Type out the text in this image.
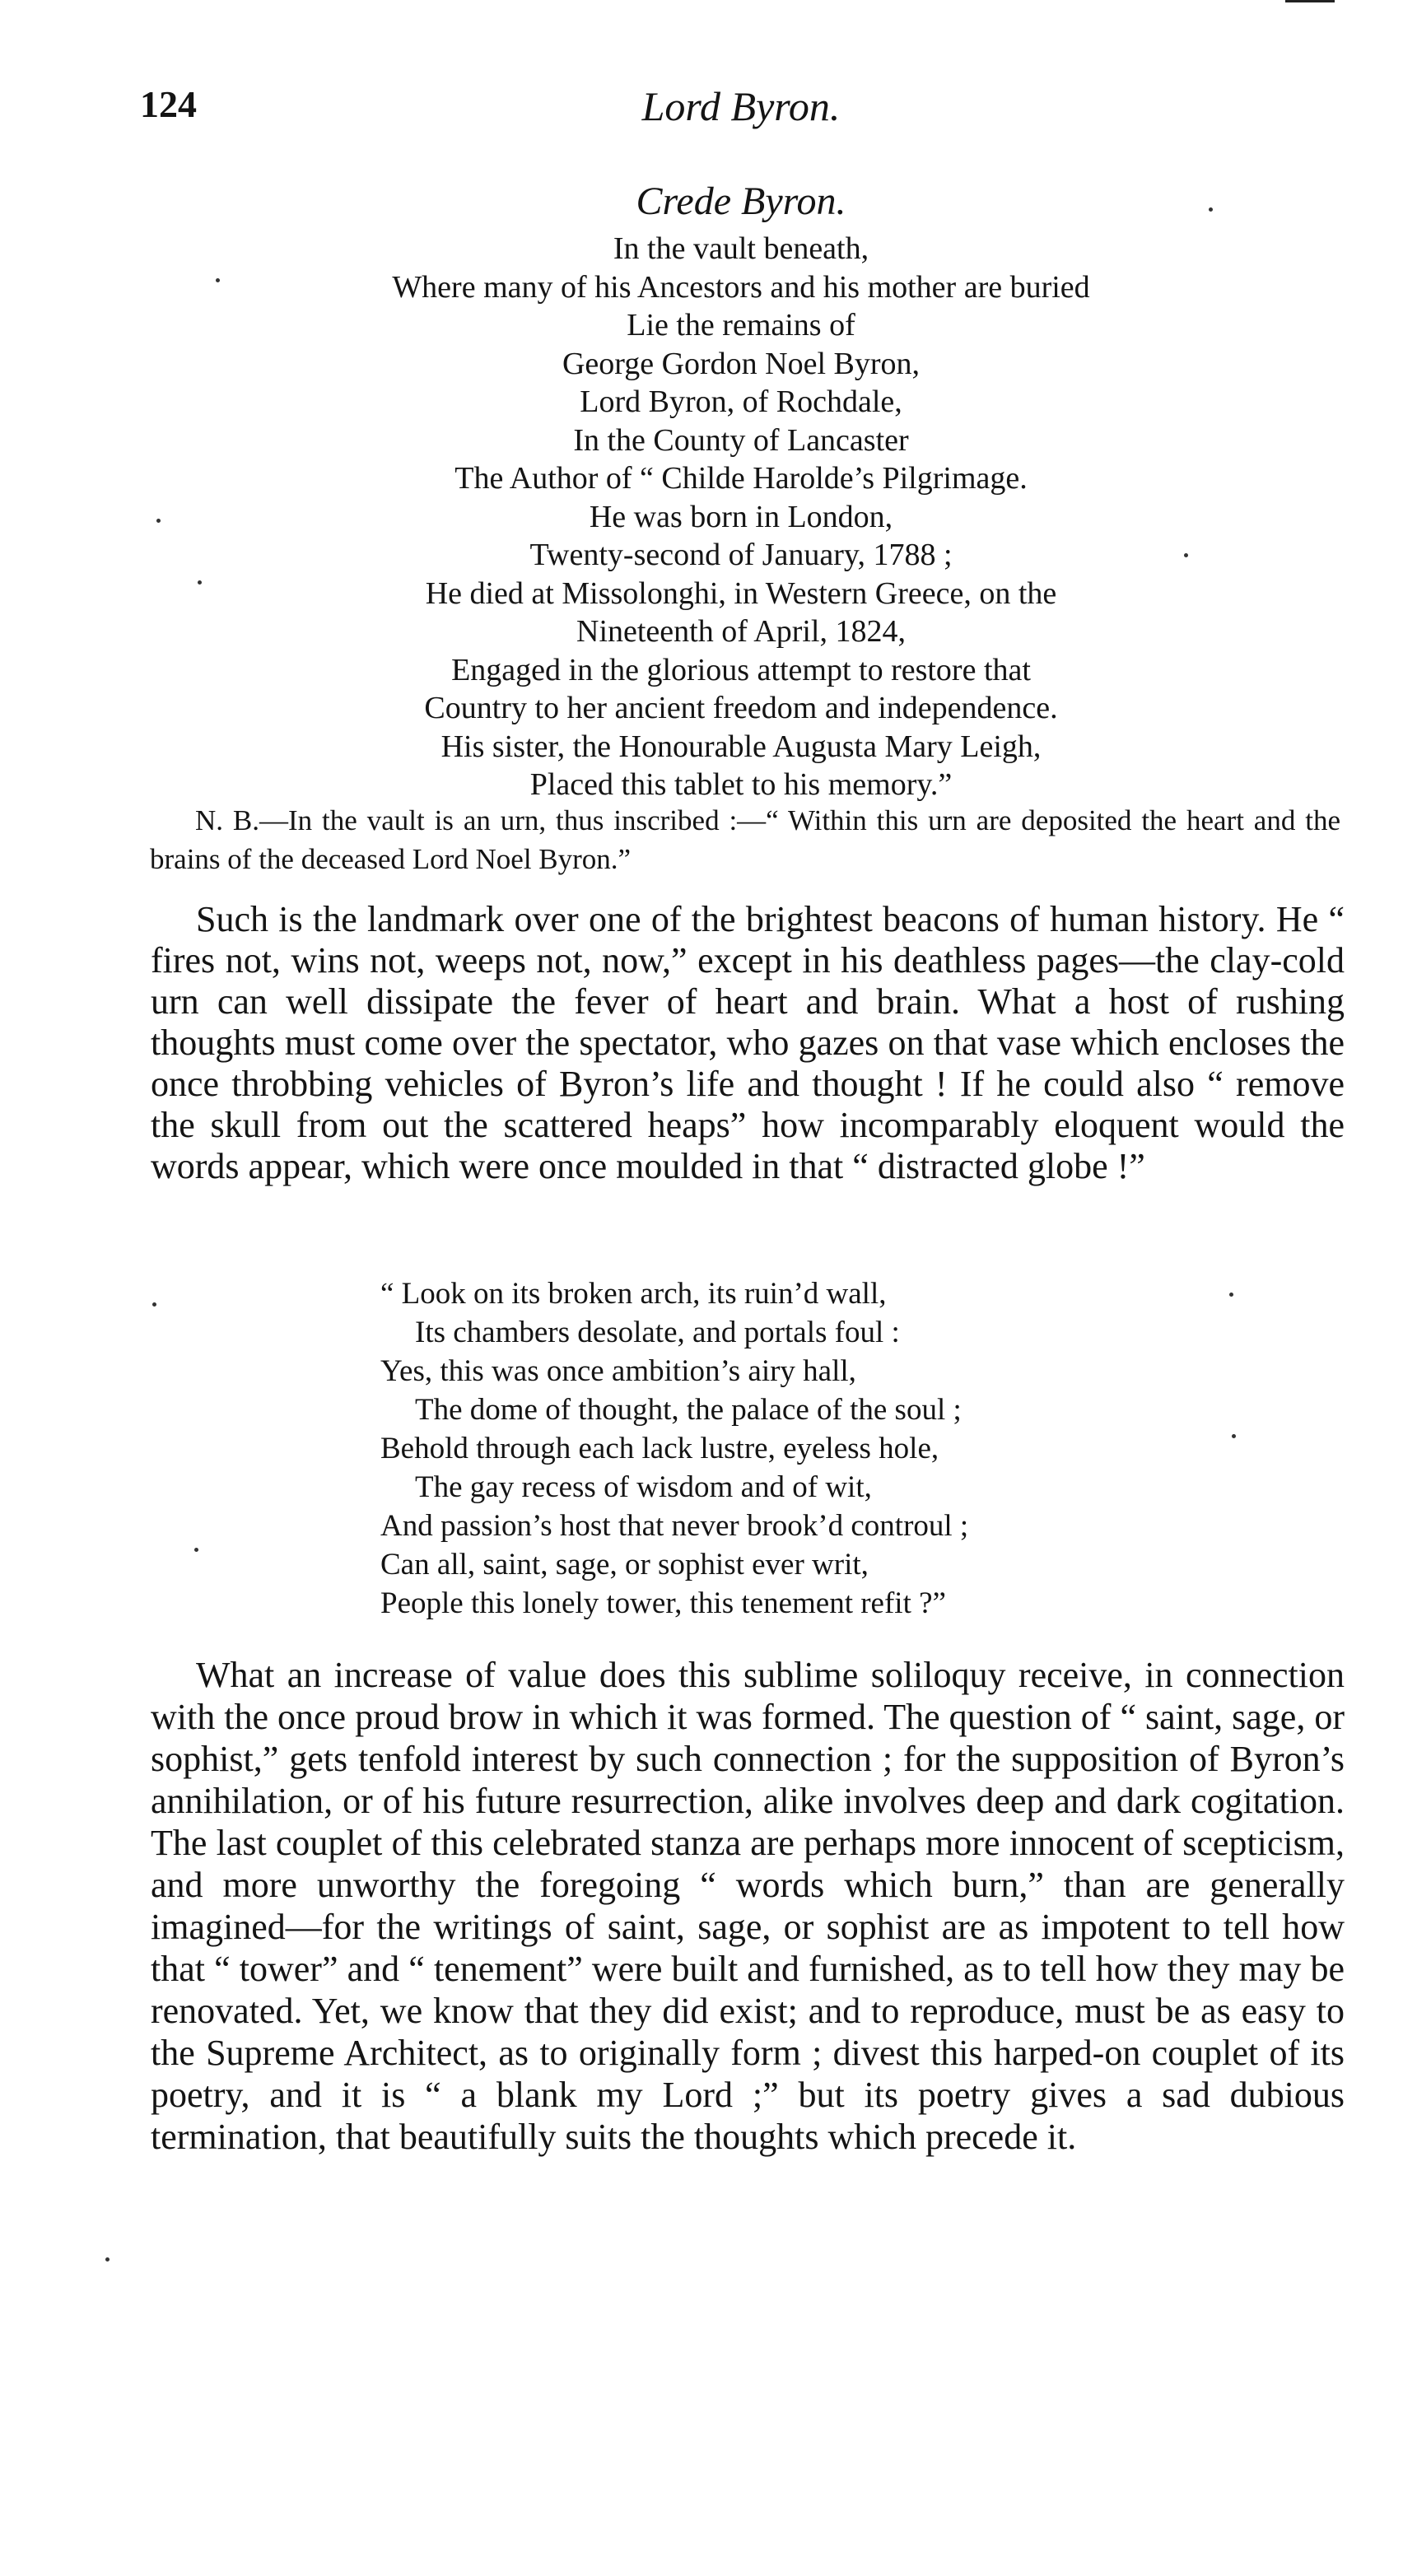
124	Lord Byron.
Crede Byron.
In the vault beneath,
Where many of his Ancestors and his mother are buried
Lie the remains of
George Gordon Noel Byron,
Lord Byron, of Rochdale,
In the County of Lancaster
The Author of “ Childe Harolde’s Pilgrimage.
He was born in London,
Twenty-second of January, 1788 ;
He died at Missolonghi, in Western Greece, on the
Nineteenth of April, 1824,
Engaged in the glorious attempt to restore that
Country to her ancient freedom and independence.
His sister, the Honourable Augusta Mary Leigh,
Placed this tablet to his memory.”

N. B.—In the vault is an urn, thus inscribed :—“ Within this urn are deposited the heart and the brains of the deceased Lord Noel Byron.”

Such is the landmark over one of the brightest beacons of human history. He “ fires not, wins not, weeps not, now,” except in his deathless pages—the clay-cold urn can well dissipate the fever of heart and brain. What a host of rushing thoughts must come over the spectator, who gazes on that vase which encloses the once throbbing vehicles of Byron’s life and thought ! If he could also “ remove the skull from out the scattered heaps” how incomparably eloquent would the words appear, which were once moulded in that “ distracted globe !”

“ Look on its broken arch, its ruin’d wall,
Its chambers desolate, and portals foul :
Yes, this was once ambition’s airy hall,
The dome of thought, the palace of the soul ;
Behold through each lack lustre, eyeless hole,
The gay recess of wisdom and of wit,
And passion’s host that never brook’d controul ;
Can all, saint, sage, or sophist ever writ,
People this lonely tower, this tenement refit ?”

What an increase of value does this sublime soliloquy receive, in connection with the once proud brow in which it was formed. The question of “ saint, sage, or sophist,” gets tenfold interest by such connection ; for the supposition of Byron’s annihilation, or of his future resurrection, alike involves deep and dark cogitation. The last couplet of this celebrated stanza are perhaps more innocent of scepticism, and more unworthy the foregoing “ words which burn,” than are generally imagined—for the writings of saint, sage, or sophist are as impotent to tell how that “ tower” and “ tenement” were built and furnished, as to tell how they may be renovated. Yet, we know that they did exist; and to reproduce, must be as easy to the Supreme Architect, as to originally form ; divest this harped-on couplet of its poetry, and it is “ a blank my Lord ;” but its poetry gives a sad dubious termination, that beautifully suits the thoughts which precede it.
